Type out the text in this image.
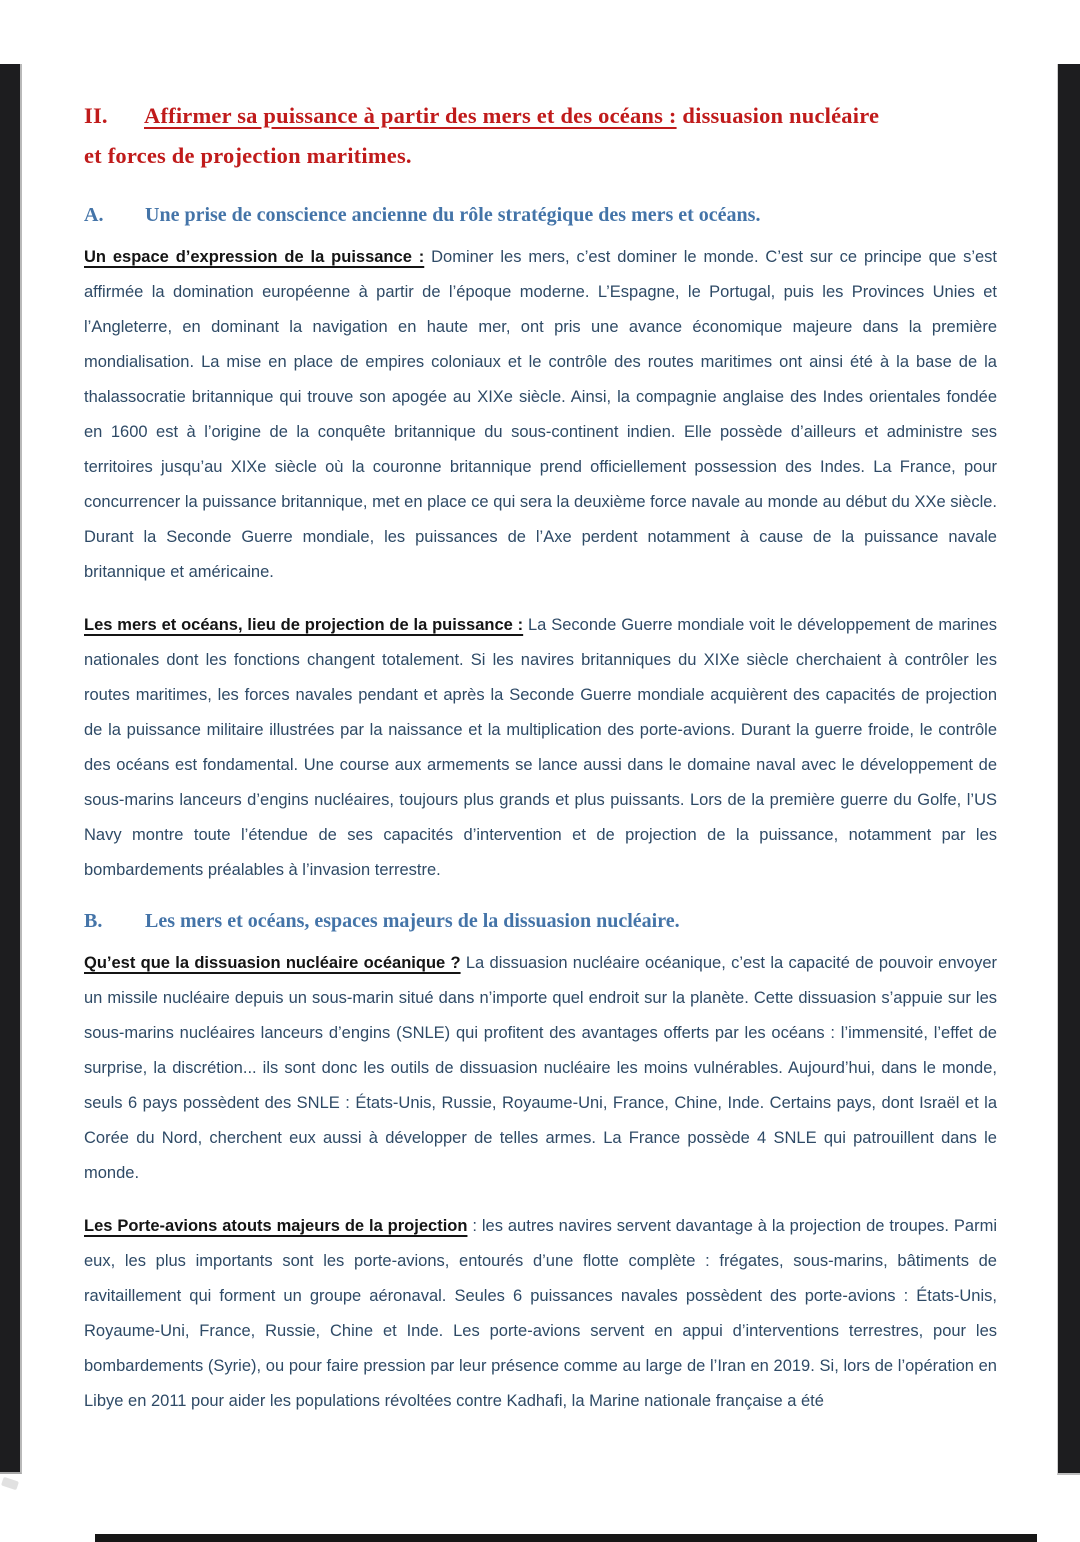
II. Affirmer sa puissance à partir des mers et des océans : dissuasion nucléaire
et forces de projection maritimes.
A. Une prise de conscience ancienne du rôle stratégique des mers et océans.

Un espace d’expression de la puissance : Dominer les mers, c’est dominer le monde. C’est sur ce principe que s’est affirmée la domination européenne à partir de l’époque moderne. L’Espagne, le Portugal, puis les Provinces Unies et l’Angleterre, en dominant la navigation en haute mer, ont pris une avance économique majeure dans la première mondialisation. La mise en place de empires coloniaux et le contrôle des routes maritimes ont ainsi été à la base de la thalassocratie britannique qui trouve son apogée au XIXe siècle. Ainsi, la compagnie anglaise des Indes orientales fondée en 1600 est à l’origine de la conquête britannique du sous-continent indien. Elle possède d’ailleurs et administre ses territoires jusqu’au XIXe siècle où la couronne britannique prend officiellement possession des Indes. La France, pour concurrencer la puissance britannique, met en place ce qui sera la deuxième force navale au monde au début du XXe siècle. Durant la Seconde Guerre mondiale, les puissances de l’Axe perdent notamment à cause de la puissance navale britannique et américaine.

Les mers et océans, lieu de projection de la puissance : La Seconde Guerre mondiale voit le développement de marines nationales dont les fonctions changent totalement. Si les navires britanniques du XIXe siècle cherchaient à contrôler les routes maritimes, les forces navales pendant et après la Seconde Guerre mondiale acquièrent des capacités de projection de la puissance militaire illustrées par la naissance et la multiplication des porte-avions. Durant la guerre froide, le contrôle des océans est fondamental. Une course aux armements se lance aussi dans le domaine naval avec le développement de sous-marins lanceurs d’engins nucléaires, toujours plus grands et plus puissants. Lors de la première guerre du Golfe, l’US Navy montre toute l’étendue de ses capacités d’intervention et de projection de la puissance, notamment par les bombardements préalables à l’invasion terrestre.

B. Les mers et océans, espaces majeurs de la dissuasion nucléaire.

Qu’est que la dissuasion nucléaire océanique ? La dissuasion nucléaire océanique, c’est la capacité de pouvoir envoyer un missile nucléaire depuis un sous-marin situé dans n’importe quel endroit sur la planète. Cette dissuasion s’appuie sur les sous-marins nucléaires lanceurs d’engins (SNLE) qui profitent des avantages offerts par les océans : l’immensité, l’effet de surprise, la discrétion... ils sont donc les outils de dissuasion nucléaire les moins vulnérables. Aujourd’hui, dans le monde, seuls 6 pays possèdent des SNLE : États-Unis, Russie, Royaume-Uni, France, Chine, Inde. Certains pays, dont Israël et la Corée du Nord, cherchent eux aussi à développer de telles armes. La France possède 4 SNLE qui patrouillent dans le monde.

Les Porte-avions atouts majeurs de la projection : les autres navires servent davantage à la projection de troupes. Parmi eux, les plus importants sont les porte-avions, entourés d’une flotte complète : frégates, sous-marins, bâtiments de ravitaillement qui forment un groupe aéronaval. Seules 6 puissances navales possèdent des porte-avions : États-Unis, Royaume-Uni, France, Russie, Chine et Inde. Les porte-avions servent en appui d’interventions terrestres, pour les bombardements (Syrie), ou pour faire pression par leur présence comme au large de l’Iran en 2019. Si, lors de l’opération en Libye en 2011 pour aider les populations révoltées contre Kadhafi, la Marine nationale française a été
